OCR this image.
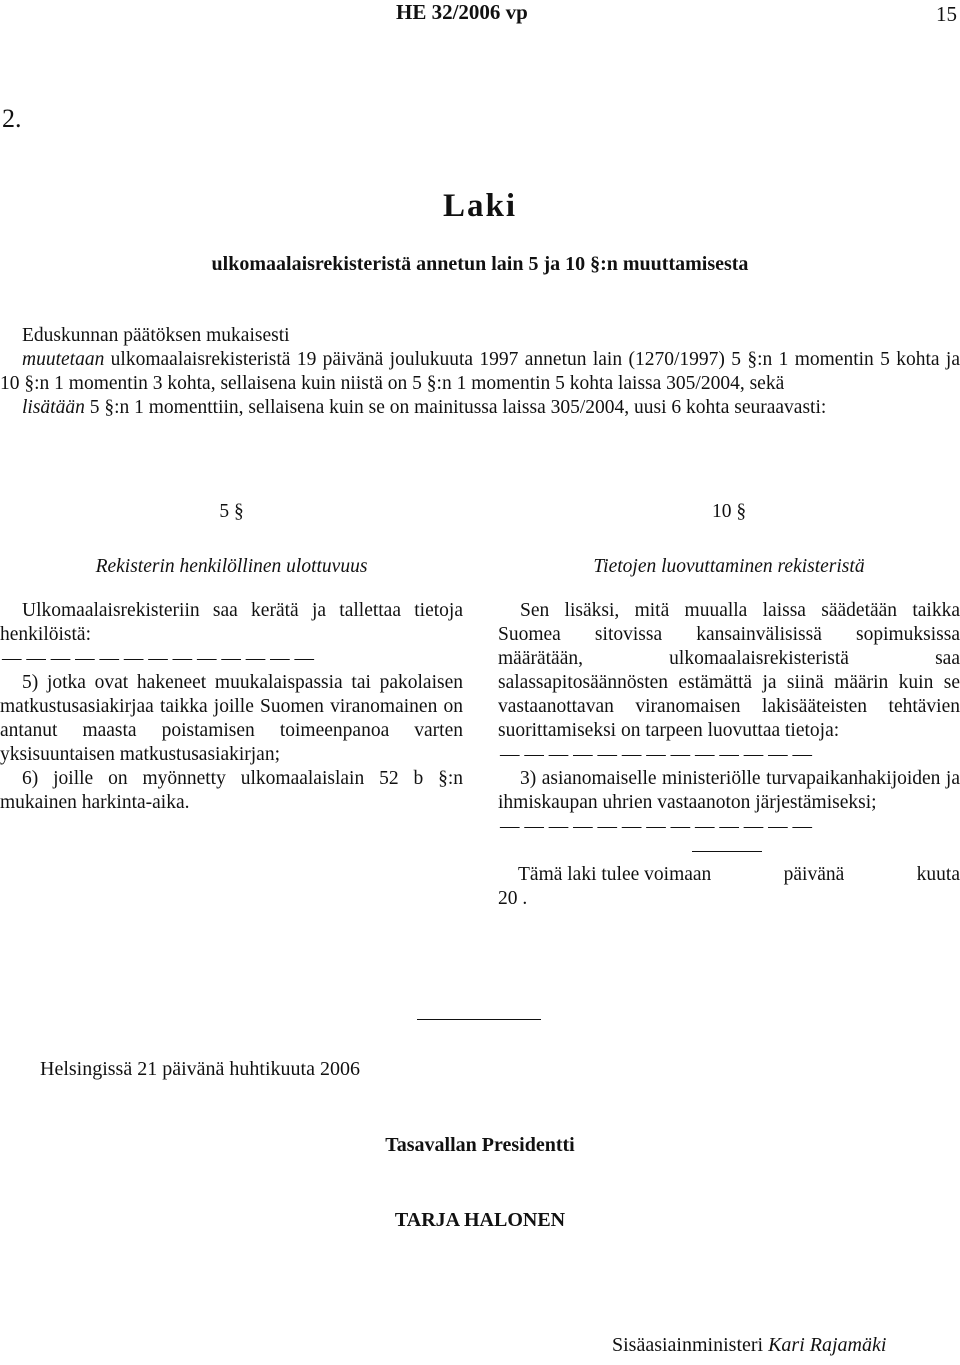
HE 32/2006 vp	15
2.
Laki
ulkomaalaisrekisteristä annetun lain 5 ja 10 §:n muuttamisesta

Eduskunnan päätöksen mukaisesti

muutetaan ulkomaalaisrekisteristä 19 päivänä joulukuuta 1997 annetun lain (1270/1997) 5 §:n 1 momentin 5 kohta ja 10 §:n 1 momentin 3 kohta, sellaisena kuin niistä on 5 §:n 1 momentin 5 kohta laissa 305/2004, sekä

lisätään 5 §:n 1 momenttiin, sellaisena kuin se on mainitussa laissa 305/2004, uusi 6 kohta seuraavasti:

5 §
Rekisterin henkilöllinen ulottuvuus

Ulkomaalaisrekisteriin saa kerätä ja tallettaa tietoja henkilöistä:

— — — — — — — — — — — — —

5) jotka ovat hakeneet muukalaispassia tai pakolaisen matkustusasiakirjaa taikka joille Suomen viranomainen on antanut maasta poistamisen toimeenpanoa varten yksisuuntaisen matkustusasiakirjan;

6) joille on myönnetty ulkomaalaislain 52 b §:n mukainen harkinta-aika.

10 §
Tietojen luovuttaminen rekisteristä

Sen lisäksi, mitä muualla laissa säädetään taikka Suomea sitovissa kansainvälisissä sopimuksissa määrätään, ulkomaalaisrekisteristä saa salassapitosäännösten estämättä ja siinä määrin kuin se vastaanottavan viranomaisen lakisääteisten tehtävien suorittamiseksi on tarpeen luovuttaa tietoja:

— — — — — — — — — — — — —

3) asianomaiselle ministeriölle turvapaikanhakijoiden ja ihmiskaupan uhrien vastaanoton järjestämiseksi;

— — — — — — — — — — — — —
Tämä laki tulee voimaan	päivänä	kuuta
20 .
Helsingissä 21 päivänä huhtikuuta 2006
Tasavallan Presidentti
TARJA HALONEN
Sisäasiainministeri Kari Rajamäki
